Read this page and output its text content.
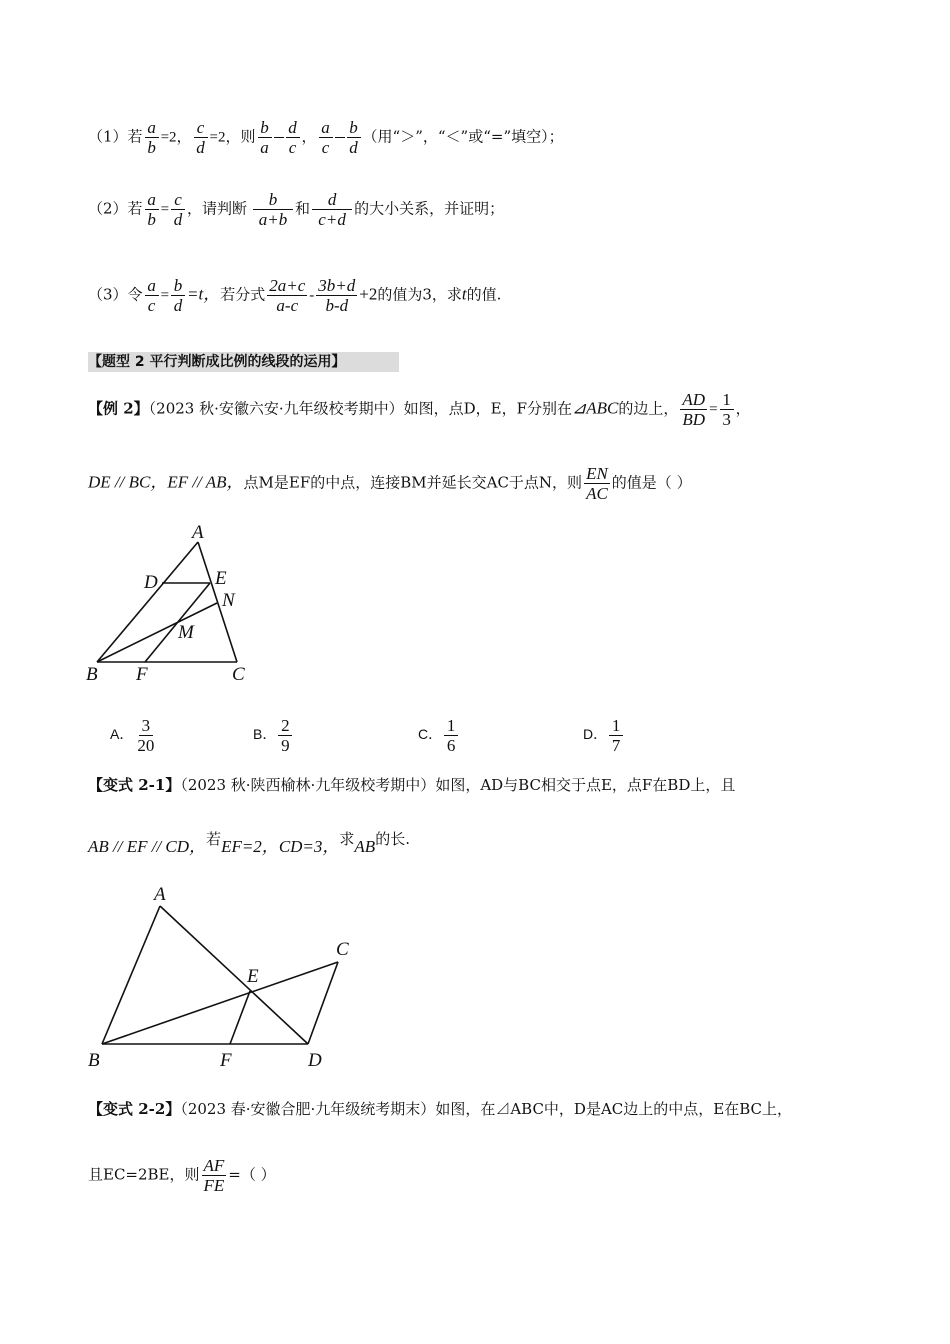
（1）若 $\frac{a}{b} =2$， $\frac{c}{d} =2$，则 $\frac{b}{a} \frac{d}{c}$ ， $\frac{a}{c} \frac{b}{d}$ （用“＞”，“＜”或“=”填空）；
（2）若 $\frac{a}{b} = \frac{c}{d}$ ，请判断 $\frac{b}{a+b}$ 和 $\frac{d}{c+d}$ 的大小关系，并证明；
（3）令 $\frac{a}{c} = \frac{b}{d} =t$，若分式 $\frac{2a+c}{a-c} - \frac{3b+d}{b-d} +2$的值为3，求t的值.
【题型 2 平行判断成比例的线段的运用】
【例 2】（2023 秋·安徽六安·九年级校考期中）如图，点D，E，F分别在⊿ABC的边上， $\frac{AD}{BD} = \frac{1}{3}$ ，
DE // BC，EF // AB，点M是EF的中点，连接BM并延长交AC于点N，则 $\frac{EN}{AC}$ 的值是（ ）
A
D	E
N
M
B F	C
A． $\frac{3}{20}$	B． $\frac{2}{9}$	C． $\frac{1}{6}$	D． $\frac{1}{7}$
【变式 2-1】（2023 秋·陕西榆林·九年级校考期中）如图，AD与BC相交于点E，点F在BD上，且
AB // EF // CD，若EF=2，CD=3，求AB的长.
A
C
E
B	F	D
【变式 2-2】（2023 春·安徽合肥·九年级统考期末）如图，在⊿ABC中，D是AC边上的中点，E在BC上，
且EC=2BE，则 $\frac{AF}{FE}$ =（ ）
